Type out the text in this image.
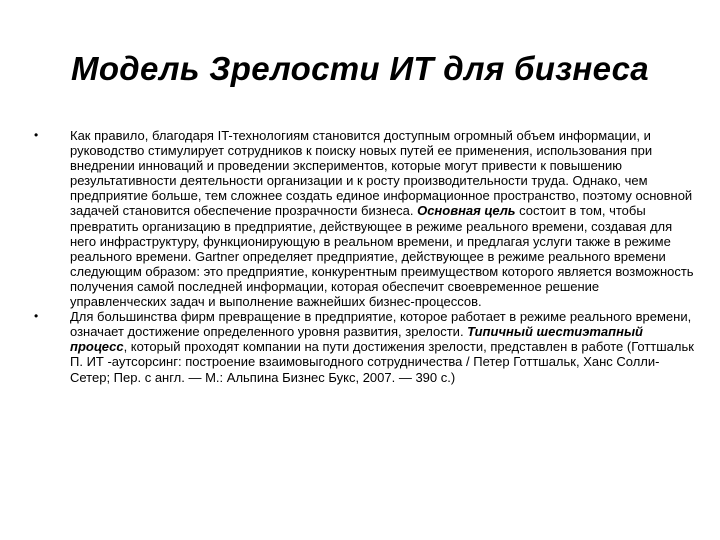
Модель Зрелости ИТ для бизнеса
• Как правило, благодаря IT-технологиям становится доступным огромный объем информации, и руководство стимулирует сотрудников к поиску новых путей ее применения, использования при внедрении инноваций и проведении экспериментов, которые могут привести к повышению результативности деятельности организации и к росту производительности труда. Однако, чем предприятие больше, тем сложнее создать единое информационное пространство, поэтому основной задачей становится обеспечение прозрачности бизнеса. Основная цель состоит в том, чтобы превратить организацию в предприятие, действующее в режиме реального времени, создавая для него инфраструктуру, функционирующую в реальном времени, и предлагая услуги также в режиме реального времени. Gartner определяет предприятие, действующее в режиме реального времени следующим образом: это предприятие, конкурентным преимуществом которого является возможность получения самой последней информации, которая обеспечит своевременное решение управленческих задач и выполнение важнейших бизнес-процессов.
• Для большинства фирм превращение в предприятие, которое работает в режиме реального времени, означает достижение определенного уровня развития, зрелости. Типичный шестиэтапный процесс, который проходят компании на пути достижения зрелости, представлен в работе (Готтшальк П. ИТ -аутсорсинг: построение взаимовыгодного сотрудничества / Петер Готтшальк, Ханс Солли-Сетер; Пер. с англ. — М.: Альпина Бизнес Букс, 2007. — 390 с.)
